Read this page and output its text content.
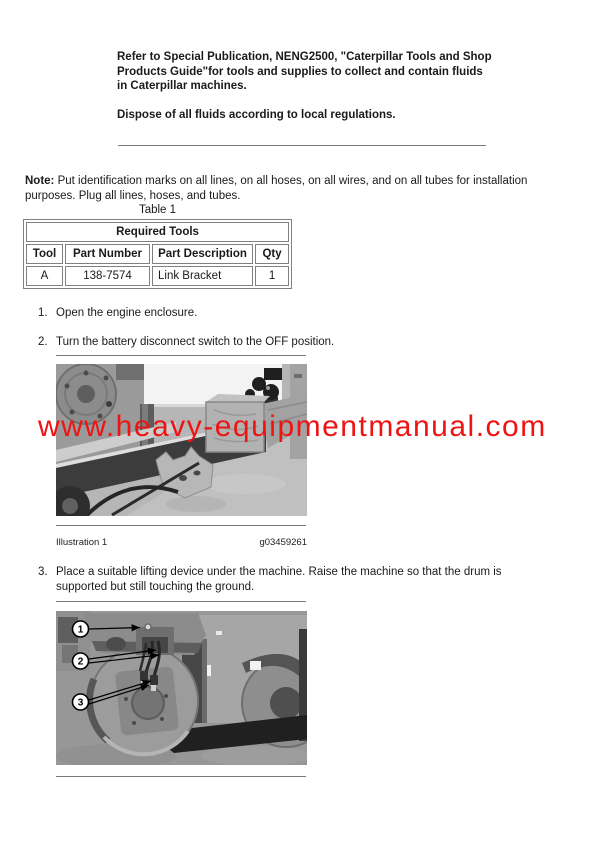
Refer to Special Publication, NENG2500, "Caterpillar Tools and Shop Products Guide"for tools and supplies to collect and contain fluids in Caterpillar machines.

Dispose of all fluids according to local regulations.

Note: Put identification marks on all lines, on all hoses, on all wires, and on all tubes for installation purposes. Plug all lines, hoses, and tubes.

Table 1
Required Tools			
Tool	Part Number	Part Description	Qty
A	138-7574	Link Bracket	1
1. Open the engine enclosure.
2. Turn the battery disconnect switch to the OFF position.
www.heavy-equipmentmanual.com
Illustration 1	g03459261
3. Place a suitable lifting device under the machine. Raise the machine so that the drum is supported but still touching the ground.
1
2
3
